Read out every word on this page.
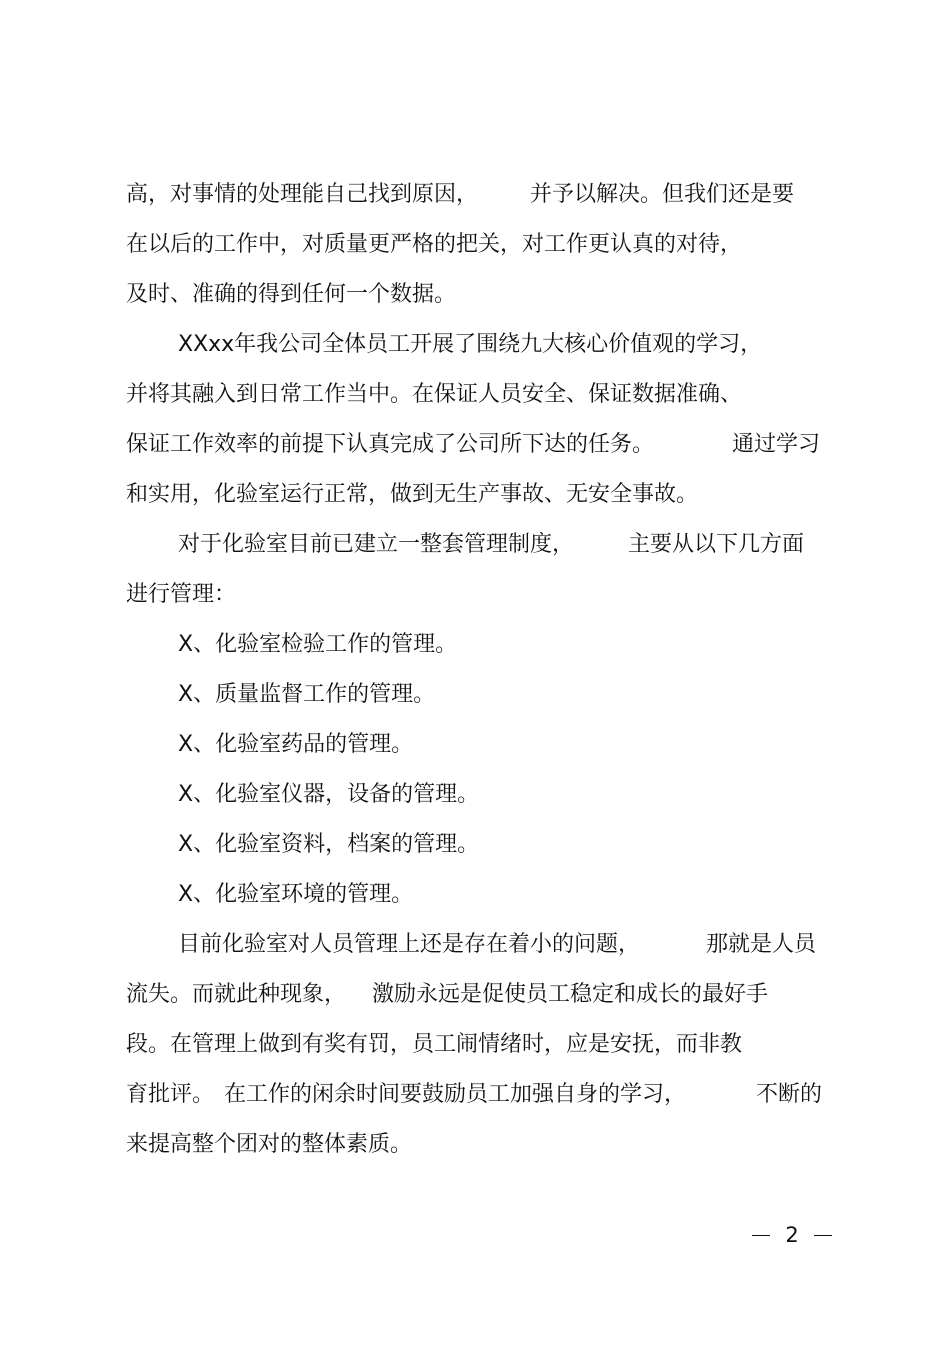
高，对事情的处理能自己找到原因， 并予以解决。但我们还是要
在以后的工作中，对质量更严格的把关，对工作更认真的对待，
及时、准确的得到任何一个数据。
XXxx年我公司全体员工开展了围绕九大核心价值观的学习，
并将其融入到日常工作当中。在保证人员安全、保证数据准确、
保证工作效率的前提下认真完成了公司所下达的任务。	通过学习
和实用，化验室运行正常，做到无生产事故、无安全事故。
对于化验室目前已建立一整套管理制度， 主要从以下几方面
进行管理：
X、化验室检验工作的管理。
X、质量监督工作的管理。
X、化验室药品的管理。
X、化验室仪器，设备的管理。
X、化验室资料，档案的管理。
X、化验室环境的管理。
目前化验室对人员管理上还是存在着小的问题，	那就是人员
流失。而就此种现象， 激励永远是促使员工稳定和成长的最好手
段。在管理上做到有奖有罚，员工闹情绪时，应是安抚，而非教
育批评。 在工作的闲余时间要鼓励员工加强自身的学习，	不断的
来提高整个团对的整体素质。
2
